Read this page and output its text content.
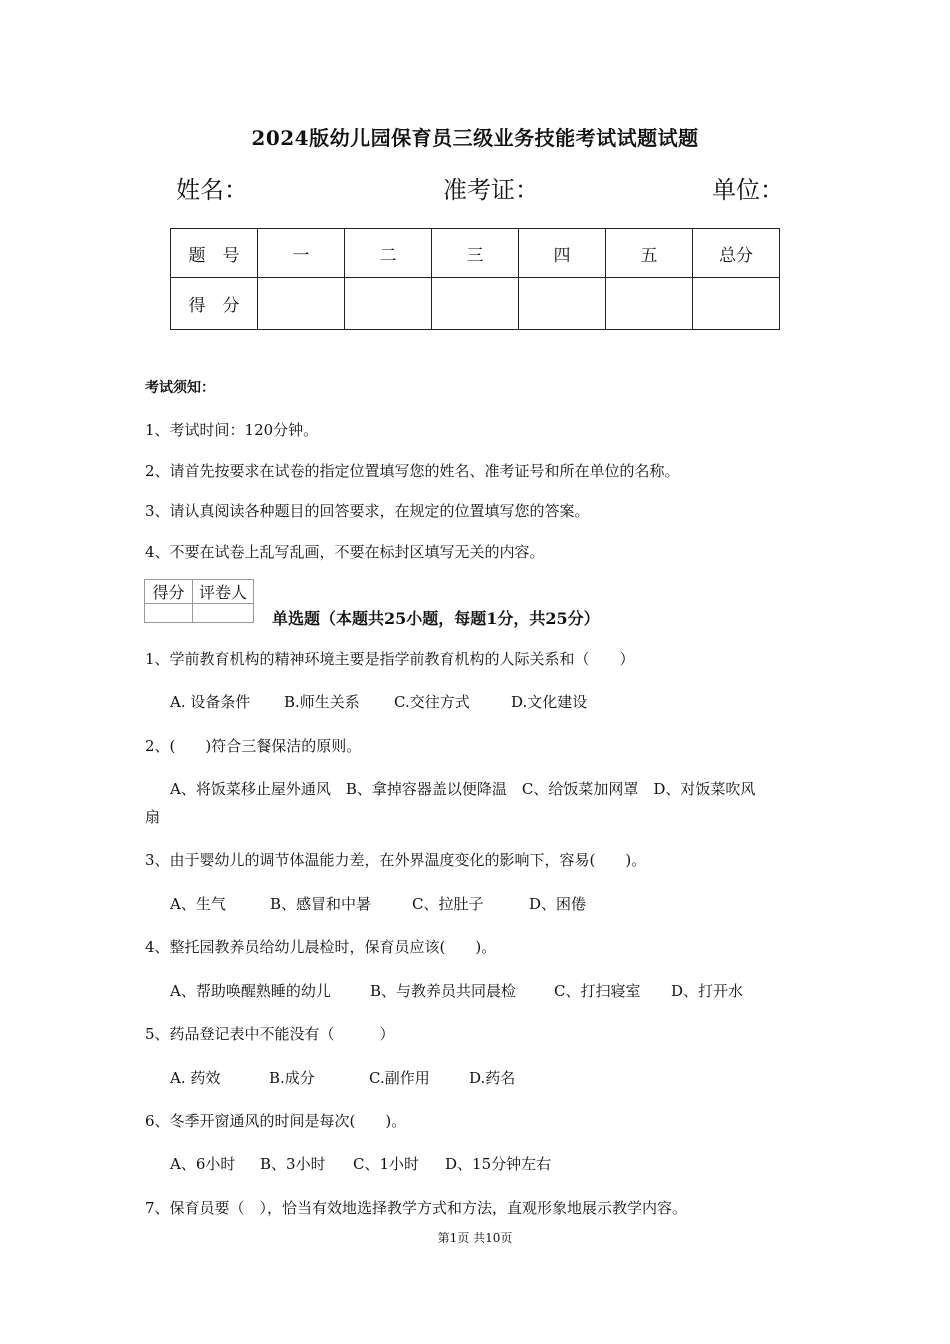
2024版幼儿园保育员三级业务技能考试试题试题
姓名：	准考证：	单位：
题　号	一	二	三	四	五	总分
得　分						
考试须知：
1、考试时间：120分钟。
2、请首先按要求在试卷的指定位置填写您的姓名、准考证号和所在单位的名称。
3、请认真阅读各种题目的回答要求，在规定的位置填写您的答案。
4、不要在试卷上乱写乱画，不要在标封区填写无关的内容。
得分	评卷人

单选题（本题共25小题，每题1分，共25分）
1、学前教育机构的精神环境主要是指学前教育机构的人际关系和（　　）
A. 设备条件 B.师生关系 C.交往方式	D.文化建设
2、(　　)符合三餐保洁的原则。
A、将饭菜移止屋外通风　B、拿掉容器盖以便降温　C、给饭菜加网罩　D、对饭菜吹风
扇
3、由于婴幼儿的调节体温能力差，在外界温度变化的影响下，容易(　　)。
A、生气	B、感冒和中暑	C、拉肚子	D、困倦
4、整托园教养员给幼儿晨检时，保育员应该(　　)。
A、帮助唤醒熟睡的幼儿	B、与教养员共同晨检	C、打扫寝室 D、打开水
5、药品登记表中不能没有（　　　）
A. 药效	B.成分	C.副作用	D.药名
6、冬季开窗通风的时间是每次(　　)。
A、6小时 B、3小时 C、1小时 D、15分钟左右
7、保育员要（　），恰当有效地选择教学方式和方法，直观形象地展示教学内容。
第1页 共10页
